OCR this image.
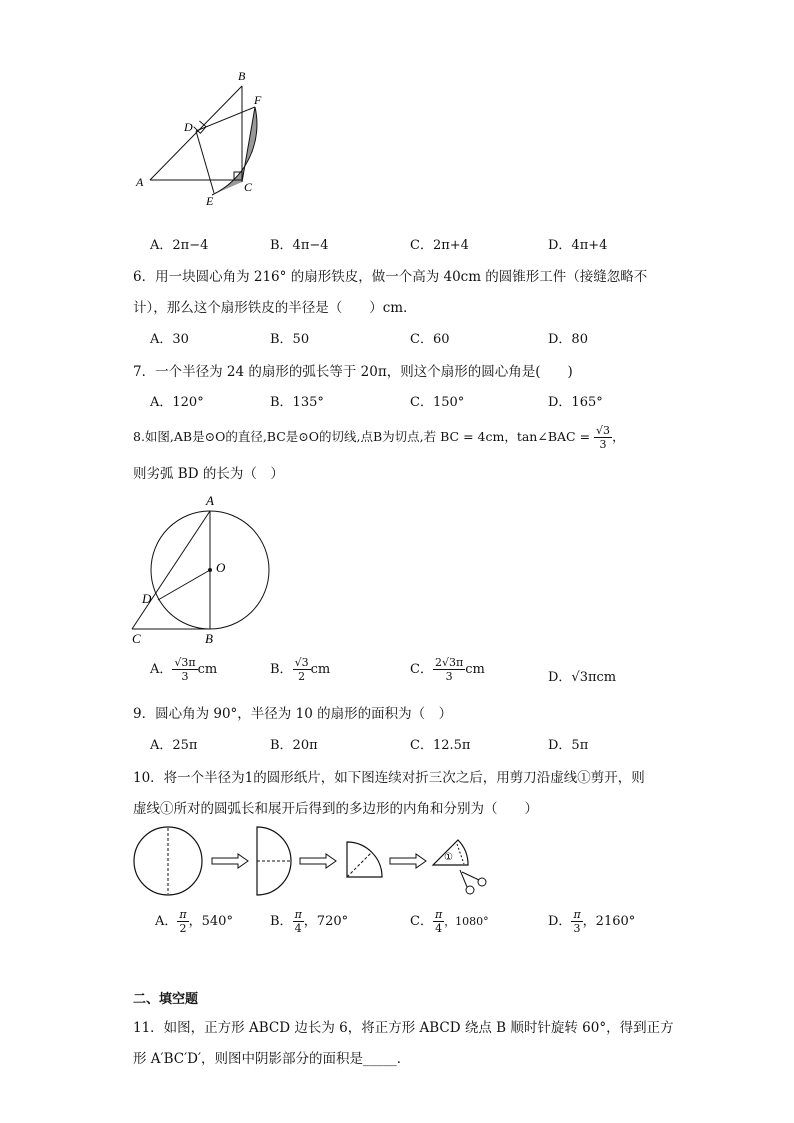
A
B
C
D
E
F
A．2π−4	B．4π−4	C．2π+4	D．4π+4
6．用一块圆心角为 216° 的扇形铁皮，做一个高为 40cm 的圆锥形工件（接缝忽略不
计），那么这个扇形铁皮的半径是（　　）cm．
A．30	B．50	C．60	D．80
7．一个半径为 24 的扇形的弧长等于 20π，则这个扇形的圆心角是(　　)
A．120°	B．135°	C．150°	D．165°
8.如图,AB是⊙O的直径,BC是⊙O的切线,点B为切点,若 BC = 4cm，tan∠BAC = $\frac{√3}{3}$ ，
则劣弧 BD 的长为（　）
A
O
D
C	B
A． $\frac{√3\pi}{3}$ cm	B． $\frac{√3}{2}$ cm	C． $\frac{2√3\pi}{3}$ cm
D．√3πcm
9．圆心角为 90°，半径为 10 的扇形的面积为（　）
A．25π	B．20π	C．12.5π	D．5π
10．将一个半径为1的圆形纸片，如下图连续对折三次之后，用剪刀沿虚线①剪开，则
虚线①所对的圆弧长和展开后得到的多边形的内角和分别为（　　）
①
A． $\frac{\pi}{2}$ ，540°	B． $\frac{\pi}{4}$ ，720°	C． $\frac{\pi}{4}$ ，1080°	D． $\frac{\pi}{3}$ ，2160°
二、填空题
11．如图，正方形 ABCD 边长为 6，将正方形 ABCD 绕点 B 顺时针旋转 60°，得到正方
形 A′BC′D′，则图中阴影部分的面积是_____．
